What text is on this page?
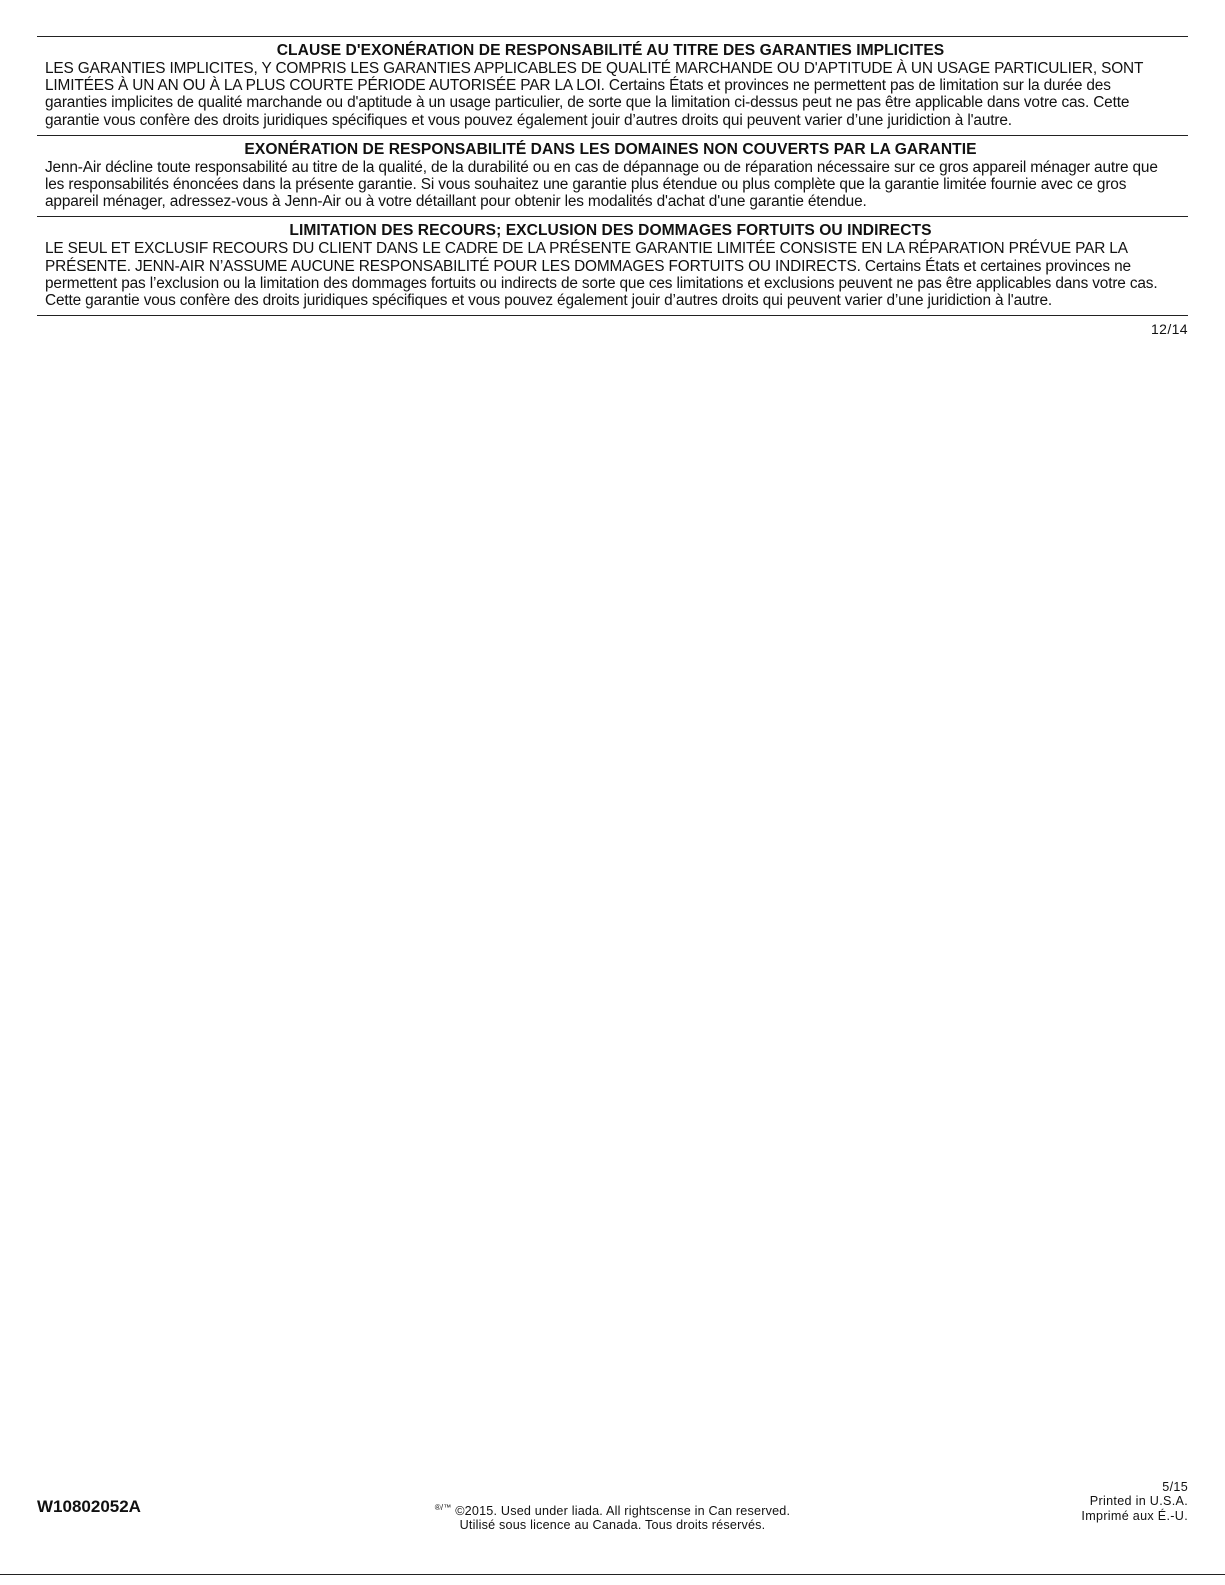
CLAUSE D'EXONÉRATION DE RESPONSABILITÉ AU TITRE DES GARANTIES IMPLICITES

LES GARANTIES IMPLICITES, Y COMPRIS LES GARANTIES APPLICABLES DE QUALITÉ MARCHANDE OU D'APTITUDE À UN USAGE PARTICULIER, SONT LIMITÉES À UN AN OU À LA PLUS COURTE PÉRIODE AUTORISÉE PAR LA LOI. Certains États et provinces ne permettent pas de limitation sur la durée des garanties implicites de qualité marchande ou d'aptitude à un usage particulier, de sorte que la limitation ci-dessus peut ne pas être applicable dans votre cas. Cette garantie vous confère des droits juridiques spécifiques et vous pouvez également jouir d’autres droits qui peuvent varier d’une juridiction à l'autre.

EXONÉRATION DE RESPONSABILITÉ DANS LES DOMAINES NON COUVERTS PAR LA GARANTIE

Jenn-Air décline toute responsabilité au titre de la qualité, de la durabilité ou en cas de dépannage ou de réparation nécessaire sur ce gros appareil ménager autre que les responsabilités énoncées dans la présente garantie. Si vous souhaitez une garantie plus étendue ou plus complète que la garantie limitée fournie avec ce gros appareil ménager, adressez-vous à Jenn-Air ou à votre détaillant pour obtenir les modalités d'achat d'une garantie étendue.

LIMITATION DES RECOURS; EXCLUSION DES DOMMAGES FORTUITS OU INDIRECTS

LE SEUL ET EXCLUSIF RECOURS DU CLIENT DANS LE CADRE DE LA PRÉSENTE GARANTIE LIMITÉE CONSISTE EN LA RÉPARATION PRÉVUE PAR LA PRÉSENTE. JENN-AIR N’ASSUME AUCUNE RESPONSABILITÉ POUR LES DOMMAGES FORTUITS OU INDIRECTS. Certains États et certaines provinces ne permettent pas l’exclusion ou la limitation des dommages fortuits ou indirects de sorte que ces limitations et exclusions peuvent ne pas être applicables dans votre cas. Cette garantie vous confère des droits juridiques spécifiques et vous pouvez également jouir d’autres droits qui peuvent varier d’une juridiction à l'autre.

12/14
W10802052A	®/™ ©2015. Used under liada. All rightscense in Can reserved.
Utilisé sous licence au Canada. Tous droits réservés.
5/15
Printed in U.S.A.
Imprimé aux É.-U.
